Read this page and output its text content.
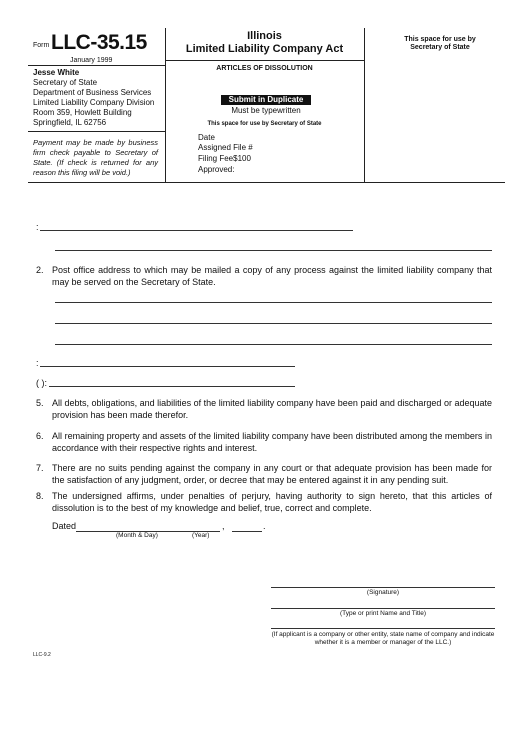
Form LLC-35.15
January 1999
Illinois
Limited Liability Company Act
ARTICLES OF DISSOLUTION
This space for use by
Secretary of State
Jesse White
Secretary of State
Department of Business Services
Limited Liability Company Division
Room 359, Howlett Building
Springfield, IL 62756
Payment may be made by business firm check payable to Secretary of State. (If check is returned for any reason this filing will be void.)
Submit in Duplicate
Must be typewritten
This space for use by Secretary of State
Date
Assigned File #
Filing Fee$100
Approved:
:
2. Post office address to which may be mailed a copy of any process against the limited liability company that may be served on the Secretary of State.
:
( ):
5. All debts, obligations, and liabilities of the limited liability company have been paid and discharged or adequate provision has been made therefor.
6. All remaining property and assets of the limited liability company have been distributed among the members in accordance with their respective rights and interest.
7. There are no suits pending against the company in any court or that adequate provision has been made for the satisfaction of any judgment, order, or decree that may be entered against it in any pending suit.
8. The undersigned affirms, under penalties of perjury, having authority to sign hereto, that this articles of dissolution is to the best of my knowledge and belief, true, correct and complete.
Dated	,	.
(Month & Day)	(Year)
(Signature)
(Type or print Name and Title)
(If applicant is a company or other entity, state name of company and indicate whether it is a member or manager of the LLC.)
LLC-9.2
